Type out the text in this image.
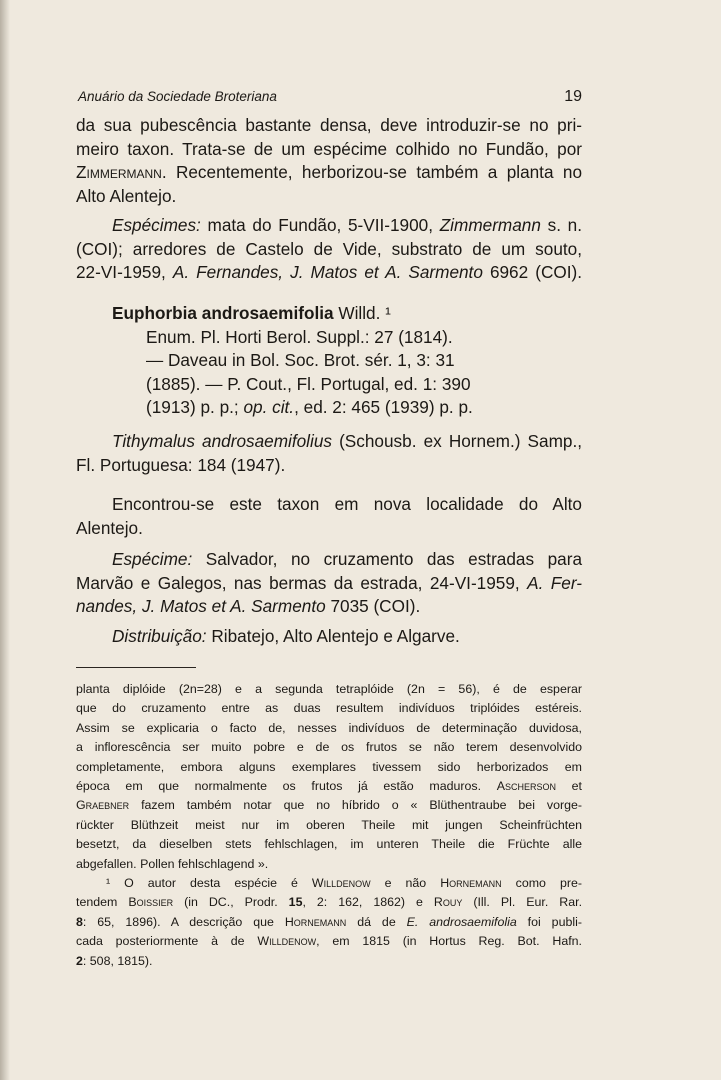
Anuário da Sociedade Broteriana	19
da sua pubescência bastante densa, deve introduzir-se no pri-
meiro taxon. Trata-se de um espécime colhido no Fundão, por
Zimmermann. Recentemente, herborizou-se também a planta no
Alto Alentejo.
Espécimes: mata do Fundão, 5-VII-1900, Zimmermann s. n.
(COI); arredores de Castelo de Vide, substrato de um souto,
22-VI-1959, A. Fernandes, J. Matos et A. Sarmento 6962 (COI).
Euphorbia androsaemifolia Willd. ¹
Enum. Pl. Horti Berol. Suppl.: 27 (1814).
— Daveau in Bol. Soc. Brot. sér. 1, 3: 31
(1885). — P. Cout., Fl. Portugal, ed. 1: 390
(1913) p. p.; op. cit., ed. 2: 465 (1939) p. p.
Tithymalus androsaemifolius (Schousb. ex Hornem.) Samp.,
Fl. Portuguesa: 184 (1947).
Encontrou-se este taxon em nova localidade do Alto
Alentejo.
Espécime: Salvador, no cruzamento das estradas para
Marvão e Galegos, nas bermas da estrada, 24-VI-1959, A. Fer-
nandes, J. Matos et A. Sarmento 7035 (COI).
Distribuição: Ribatejo, Alto Alentejo e Algarve.
planta diplóide (2n=28) e a segunda tetraplóide (2n = 56), é de esperar
que do cruzamento entre as duas resultem indivíduos triplóides estéreis.
Assim se explicaria o facto de, nesses indivíduos de determinação duvidosa,
a inflorescência ser muito pobre e de os frutos se não terem desenvolvido
completamente, embora alguns exemplares tivessem sido herborizados em
época em que normalmente os frutos já estão maduros. Ascherson et
Graebner fazem também notar que no híbrido o « Blüthentraube bei vorge-
rückter Blüthzeit meist nur im oberen Theile mit jungen Scheinfrüchten
besetzt, da dieselben stets fehlschlagen, im unteren Theile die Früchte alle
abgefallen. Pollen fehlschlagend ».
¹ O autor desta espécie é Willdenow e não Hornemann como pre-
tendem Boissier (in DC., Prodr. 15, 2: 162, 1862) e Rouy (Ill. Pl. Eur. Rar.
8: 65, 1896). A descrição que Hornemann dá de E. androsaemifolia foi publi-
cada posteriormente à de Willdenow, em 1815 (in Hortus Reg. Bot. Hafn.
2: 508, 1815).
